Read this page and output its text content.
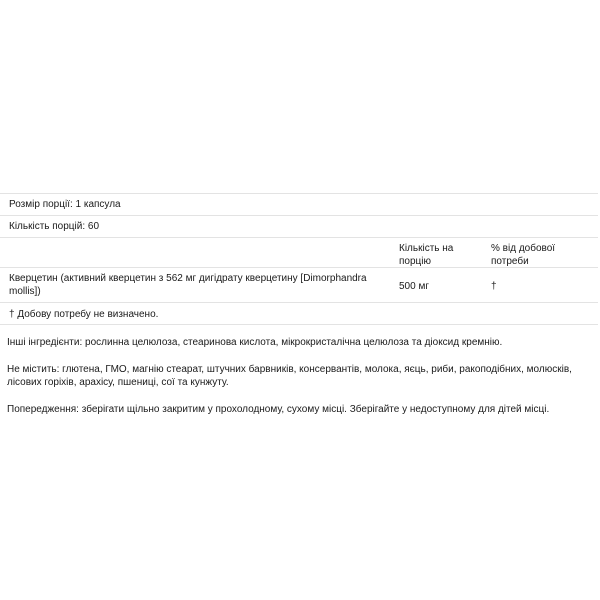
Розмір порції: 1 капсула
Кількість порцій: 60
Кількість на порцію
% від добової потреби
Кверцетин (активний кверцетин з 562 мг дигідрату кверцетину [Dimorphandra mollis])	500 мг	†
† Добову потребу не визначено.

Інші інгредієнти: рослинна целюлоза, стеаринова кислота, мікрокристалічна целюлоза та діоксид кремнію.

Не містить: глютена, ГМО, магнію стеарат, штучних барвників, консервантів, молока, яєць, риби, ракоподібних, молюсків, лісових горіхів, арахісу, пшениці, сої та кунжуту.

Попередження: зберігати щільно закритим у прохолодному, сухому місці. Зберігайте у недоступному для дітей місці.
